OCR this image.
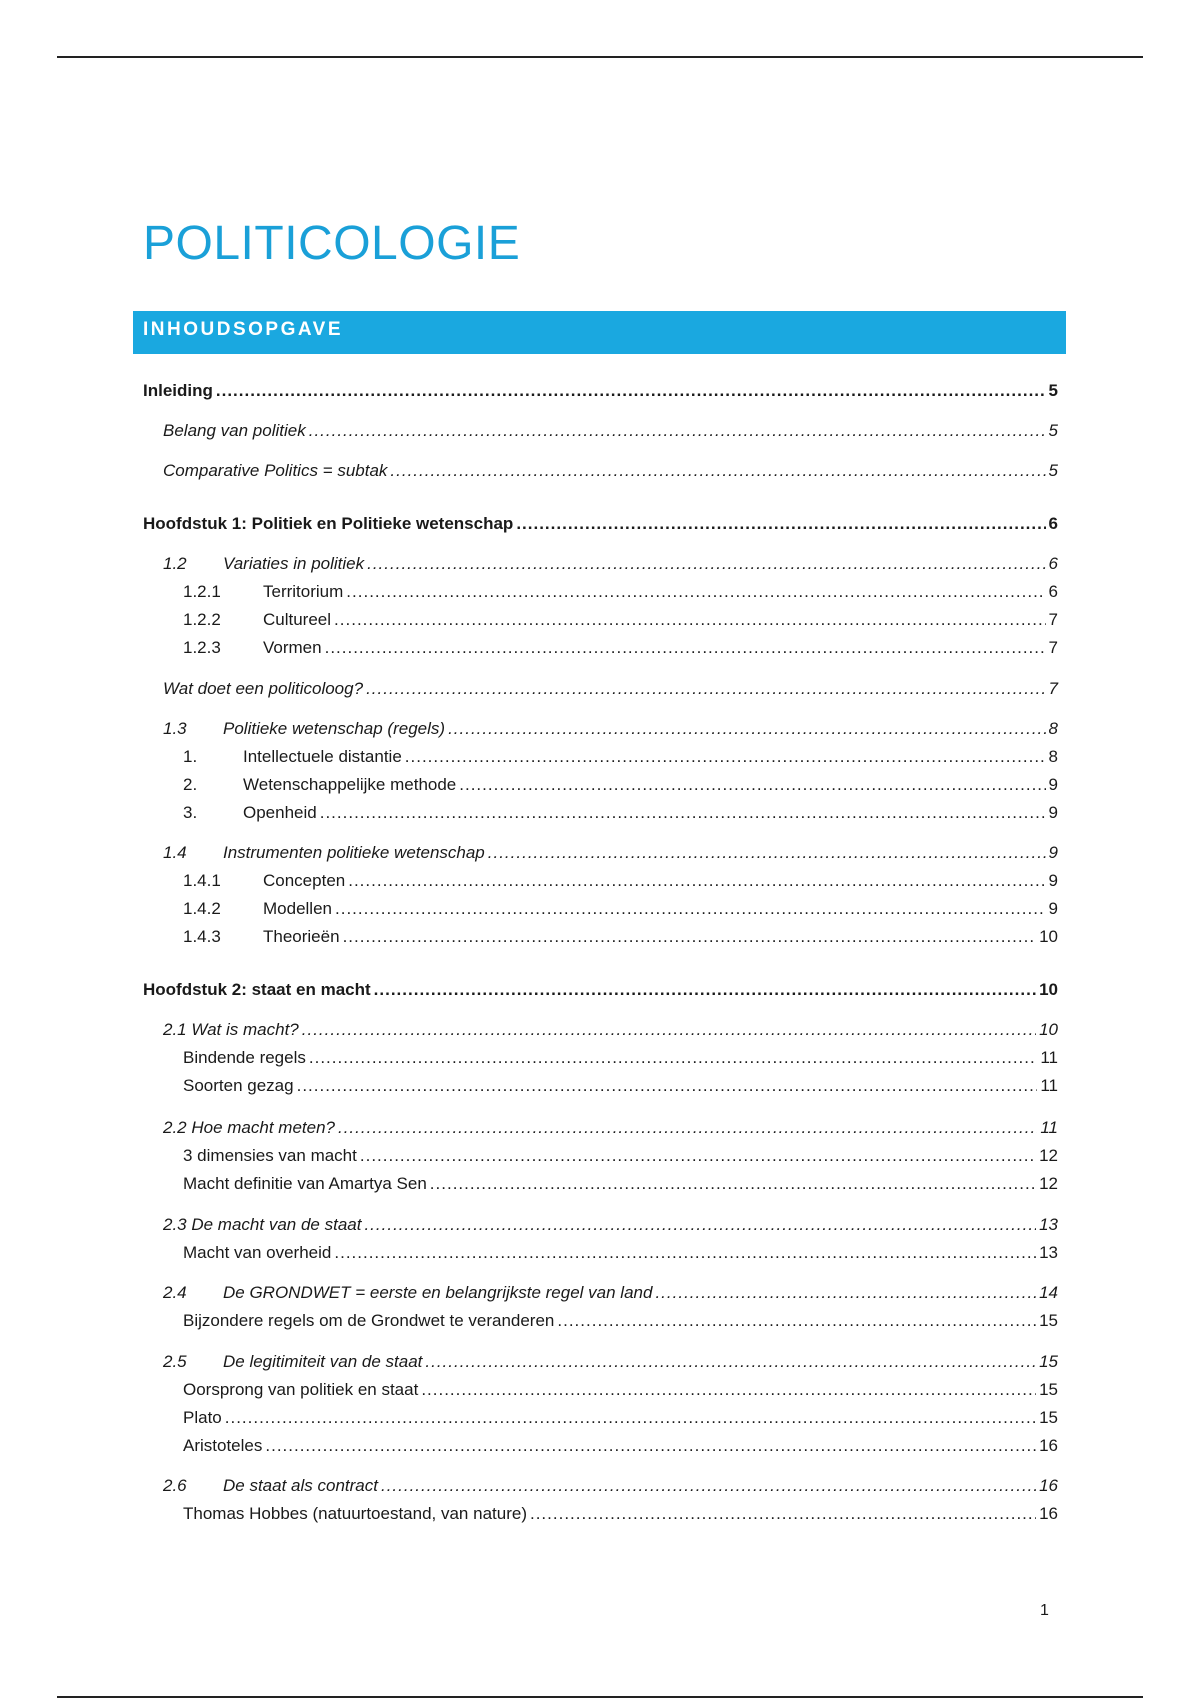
POLITICOLOGIE
INHOUDSOPGAVE
Inleiding .....	5
Belang van politiek .....	5
Comparative Politics = subtak .....	5
Hoofdstuk 1: Politiek en Politieke wetenschap .....	6
1.2	Variaties in politiek .....	6
1.2.1	Territorium .....	6
1.2.2	Cultureel .....	7
1.2.3	Vormen .....	7
Wat doet een politicoloog? .....	7
1.3	Politieke wetenschap (regels) .....	8
1.	Intellectuele distantie .....	8
2.	Wetenschappelijke methode .....	9
3.	Openheid .....	9
1.4	Instrumenten politieke wetenschap .....	9
1.4.1	Concepten .....	9
1.4.2	Modellen .....	9
1.4.3	Theorieën .....	10
Hoofdstuk 2: staat en macht .....	10
2.1 Wat is macht? .....	10
Bindende regels .....	11
Soorten gezag .....	11
2.2 Hoe macht meten? .....	11
3 dimensies van macht .....	12
Macht definitie van Amartya Sen .....	12
2.3 De macht van de staat .....	13
Macht van overheid .....	13
2.4	De GRONDWET = eerste en belangrijkste regel van land .....	14
Bijzondere regels om de Grondwet te veranderen .....	15
2.5	De legitimiteit van de staat .....	15
Oorsprong van politiek en staat .....	15
Plato .....	15
Aristoteles .....	16
2.6	De staat als contract .....	16
Thomas Hobbes (natuurtoestand, van nature) .....	16
1
